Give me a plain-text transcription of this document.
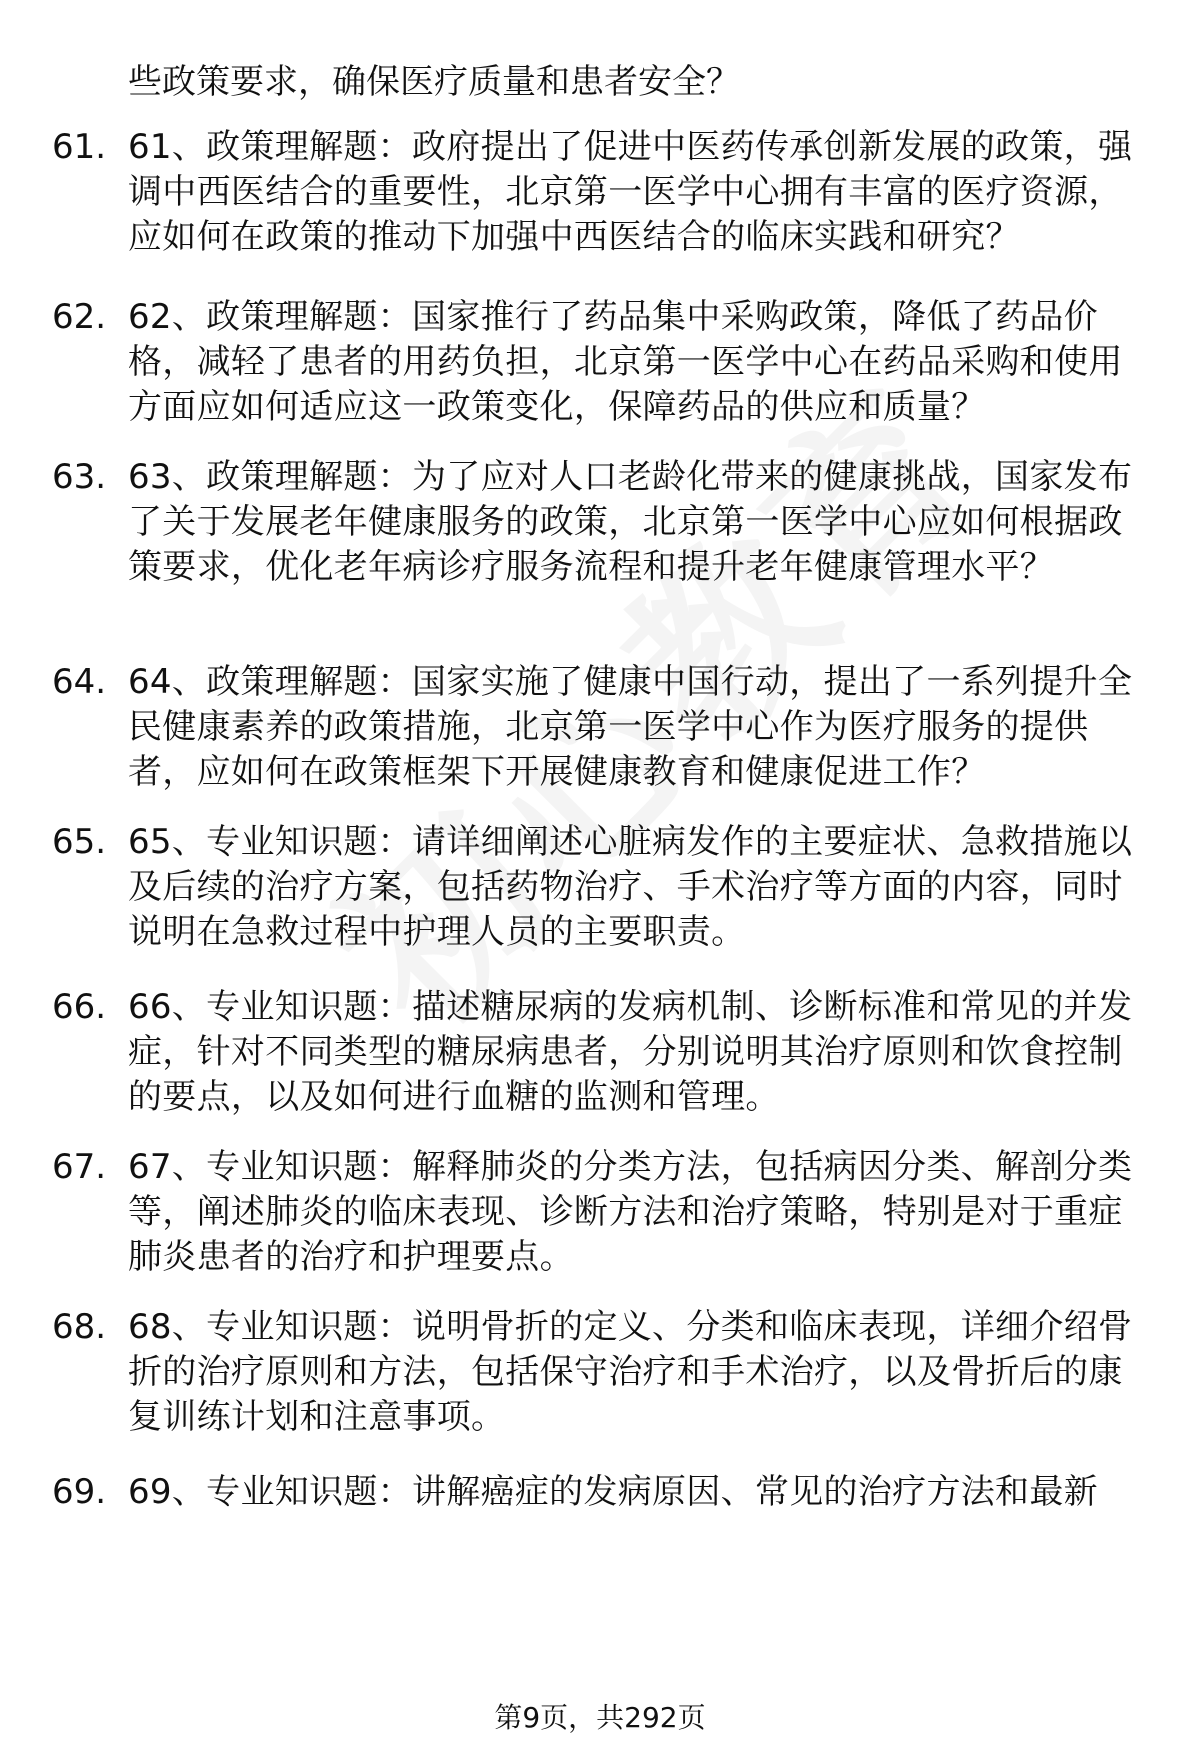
些政策要求，确保医疗质量和患者安全？

61. 61、政策理解题：政府提出了促进中医药传承创新发展的政策，强调中西医结合的重要性，北京第一医学中心拥有丰富的医疗资源，应如何在政策的推动下加强中西医结合的临床实践和研究？
62. 62、政策理解题：国家推行了药品集中采购政策，降低了药品价格，减轻了患者的用药负担，北京第一医学中心在药品采购和使用方面应如何适应这一政策变化，保障药品的供应和质量？
63. 63、政策理解题：为了应对人口老龄化带来的健康挑战，国家发布了关于发展老年健康服务的政策，北京第一医学中心应如何根据政策要求，优化老年病诊疗服务流程和提升老年健康管理水平？
64. 64、政策理解题：国家实施了健康中国行动，提出了一系列提升全民健康素养的政策措施，北京第一医学中心作为医疗服务的提供者，应如何在政策框架下开展健康教育和健康促进工作？
65. 65、专业知识题：请详细阐述心脏病发作的主要症状、急救措施以及后续的治疗方案，包括药物治疗、手术治疗等方面的内容，同时说明在急救过程中护理人员的主要职责。
66. 66、专业知识题：描述糖尿病的发病机制、诊断标准和常见的并发症，针对不同类型的糖尿病患者，分别说明其治疗原则和饮食控制的要点，以及如何进行血糖的监测和管理。
67. 67、专业知识题：解释肺炎的分类方法，包括病因分类、解剖分类等，阐述肺炎的临床表现、诊断方法和治疗策略，特别是对于重症肺炎患者的治疗和护理要点。
68. 68、专业知识题：说明骨折的定义、分类和临床表现，详细介绍骨折的治疗原则和方法，包括保守治疗和手术治疗，以及骨折后的康复训练计划和注意事项。
69. 69、专业知识题：讲解癌症的发病原因、常见的治疗方法和最新
第9页，共292页
